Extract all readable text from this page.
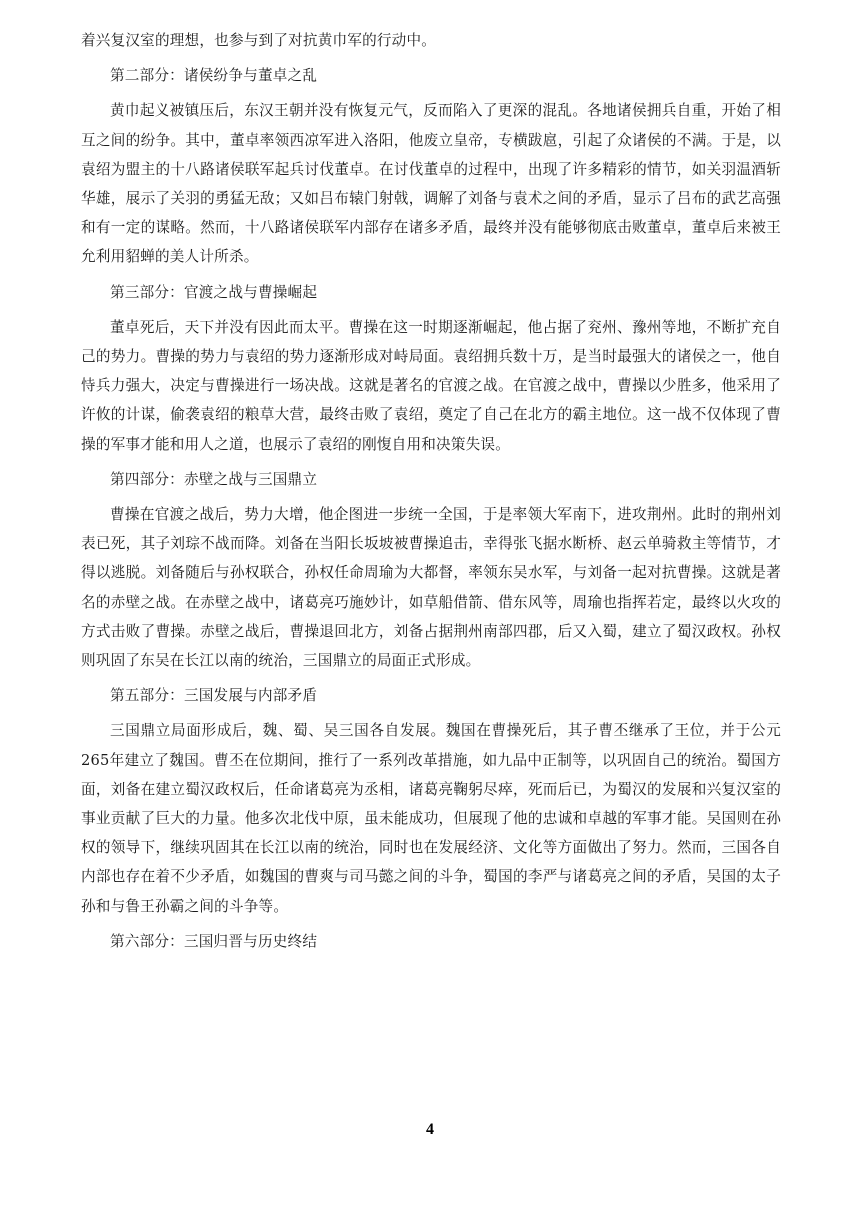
着兴复汉室的理想，也参与到了对抗黄巾军的行动中。

第二部分：诸侯纷争与董卓之乱

黄巾起义被镇压后，东汉王朝并没有恢复元气，反而陷入了更深的混乱。各地诸侯拥兵自重，开始了相互之间的纷争。其中，董卓率领西凉军进入洛阳，他废立皇帝，专横跋扈，引起了众诸侯的不满。于是，以袁绍为盟主的十八路诸侯联军起兵讨伐董卓。在讨伐董卓的过程中，出现了许多精彩的情节，如关羽温酒斩华雄，展示了关羽的勇猛无敌；又如吕布辕门射戟，调解了刘备与袁术之间的矛盾，显示了吕布的武艺高强和有一定的谋略。然而，十八路诸侯联军内部存在诸多矛盾，最终并没有能够彻底击败董卓，董卓后来被王允利用貂蝉的美人计所杀。

第三部分：官渡之战与曹操崛起

董卓死后，天下并没有因此而太平。曹操在这一时期逐渐崛起，他占据了兖州、豫州等地，不断扩充自己的势力。曹操的势力与袁绍的势力逐渐形成对峙局面。袁绍拥兵数十万，是当时最强大的诸侯之一，他自恃兵力强大，决定与曹操进行一场决战。这就是著名的官渡之战。在官渡之战中，曹操以少胜多，他采用了许攸的计谋，偷袭袁绍的粮草大营，最终击败了袁绍，奠定了自己在北方的霸主地位。这一战不仅体现了曹操的军事才能和用人之道，也展示了袁绍的刚愎自用和决策失误。

第四部分：赤壁之战与三国鼎立

曹操在官渡之战后，势力大增，他企图进一步统一全国，于是率领大军南下，进攻荆州。此时的荆州刘表已死，其子刘琮不战而降。刘备在当阳长坂坡被曹操追击，幸得张飞据水断桥、赵云单骑救主等情节，才得以逃脱。刘备随后与孙权联合，孙权任命周瑜为大都督，率领东吴水军，与刘备一起对抗曹操。这就是著名的赤壁之战。在赤壁之战中，诸葛亮巧施妙计，如草船借箭、借东风等，周瑜也指挥若定，最终以火攻的方式击败了曹操。赤壁之战后，曹操退回北方，刘备占据荆州南部四郡，后又入蜀，建立了蜀汉政权。孙权则巩固了东吴在长江以南的统治，三国鼎立的局面正式形成。

第五部分：三国发展与内部矛盾

三国鼎立局面形成后，魏、蜀、吴三国各自发展。魏国在曹操死后，其子曹丕继承了王位，并于公元265年建立了魏国。曹丕在位期间，推行了一系列改革措施，如九品中正制等，以巩固自己的统治。蜀国方面，刘备在建立蜀汉政权后，任命诸葛亮为丞相，诸葛亮鞠躬尽瘁，死而后已，为蜀汉的发展和兴复汉室的事业贡献了巨大的力量。他多次北伐中原，虽未能成功，但展现了他的忠诚和卓越的军事才能。吴国则在孙权的领导下，继续巩固其在长江以南的统治，同时也在发展经济、文化等方面做出了努力。然而，三国各自内部也存在着不少矛盾，如魏国的曹爽与司马懿之间的斗争，蜀国的李严与诸葛亮之间的矛盾，吴国的太子孙和与鲁王孙霸之间的斗争等。

第六部分：三国归晋与历史终结

4
